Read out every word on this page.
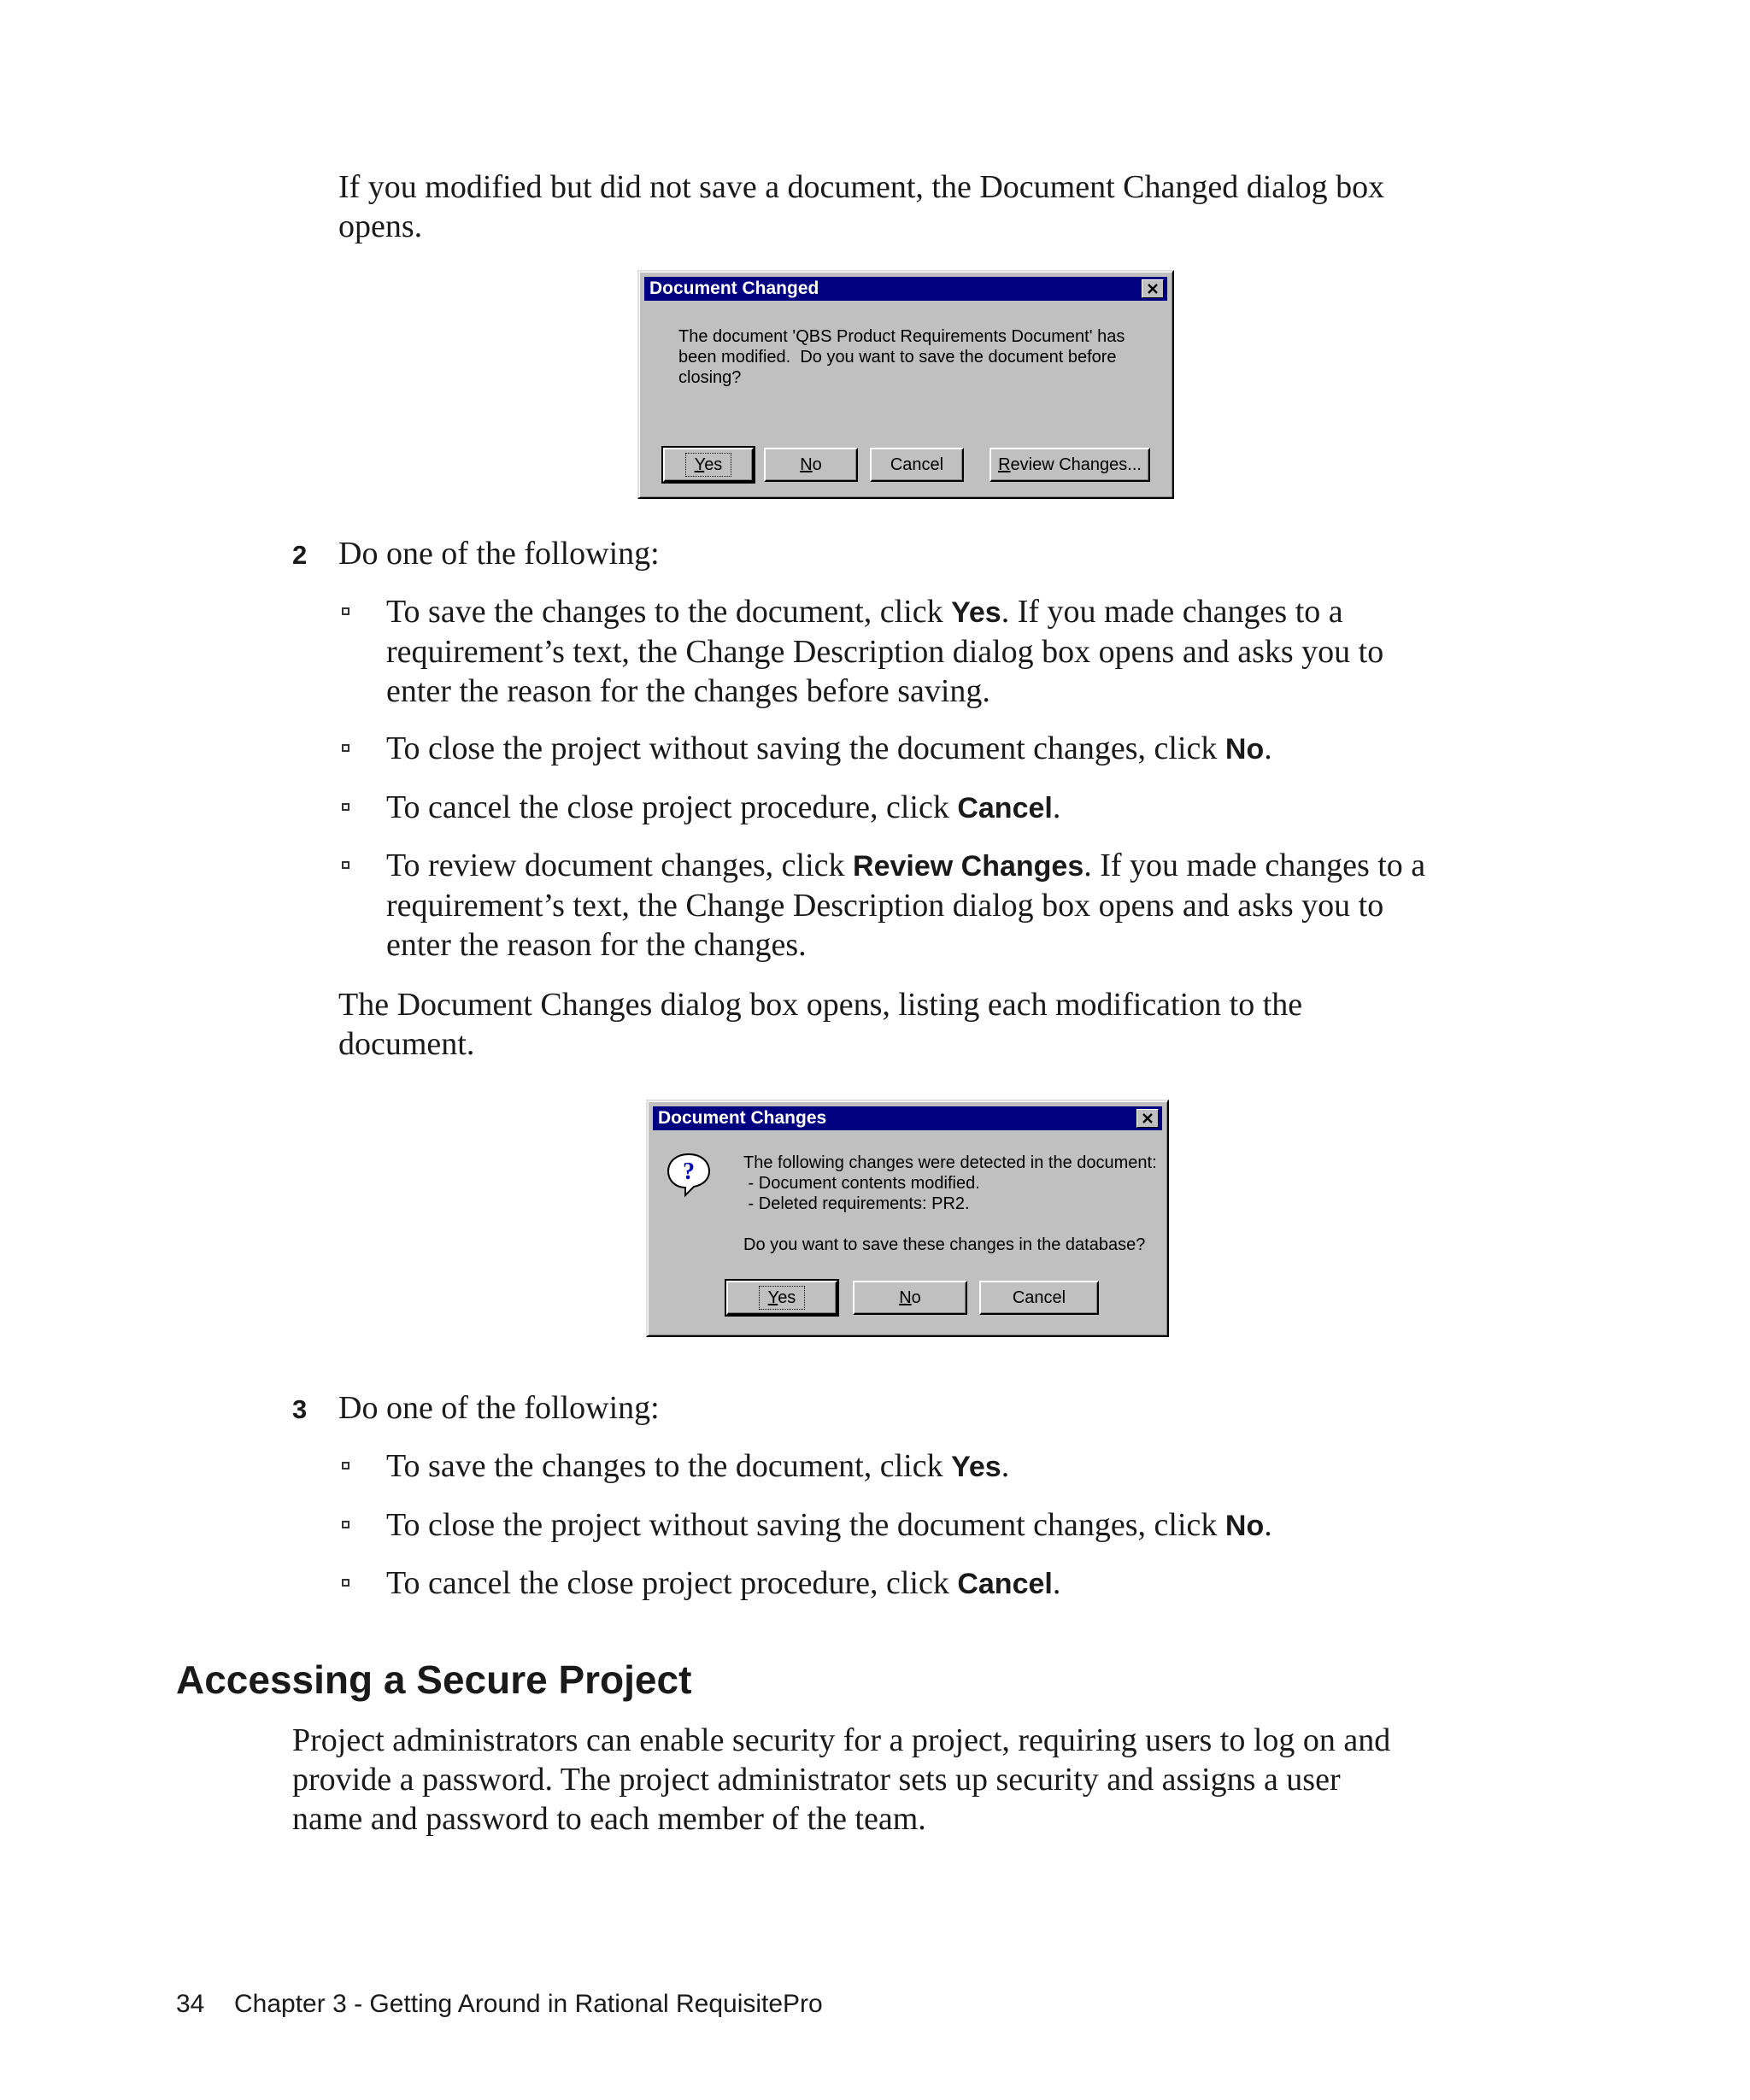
If you modified but did not save a document, the Document Changed dialog box
opens.

Document Changed
The document 'QBS Product Requirements Document' has
been modified.  Do you want to save the document before
closing?
Yes	No	Cancel	Review Changes...
2 Do one of the following:

To save the changes to the document, click Yes. If you made changes to a
requirement’s text, the Change Description dialog box opens and asks you to
enter the reason for the changes before saving.

To close the project without saving the document changes, click No.

To cancel the close project procedure, click Cancel.

To review document changes, click Review Changes. If you made changes to a
requirement’s text, the Change Description dialog box opens and asks you to
enter the reason for the changes.

The Document Changes dialog box opens, listing each modification to the
document.

Document Changes
?	The following changes were detected in the document:
- Document contents modified.
- Deleted requirements: PR2.
Do you want to save these changes in the database?
Yes	No	Cancel
3 Do one of the following:

To save the changes to the document, click Yes.

To close the project without saving the document changes, click No.

To cancel the close project procedure, click Cancel.

Accessing a Secure Project

Project administrators can enable security for a project, requiring users to log on and
provide a password. The project administrator sets up security and assigns a user
name and password to each member of the team.

34 Chapter 3 - Getting Around in Rational RequisitePro
